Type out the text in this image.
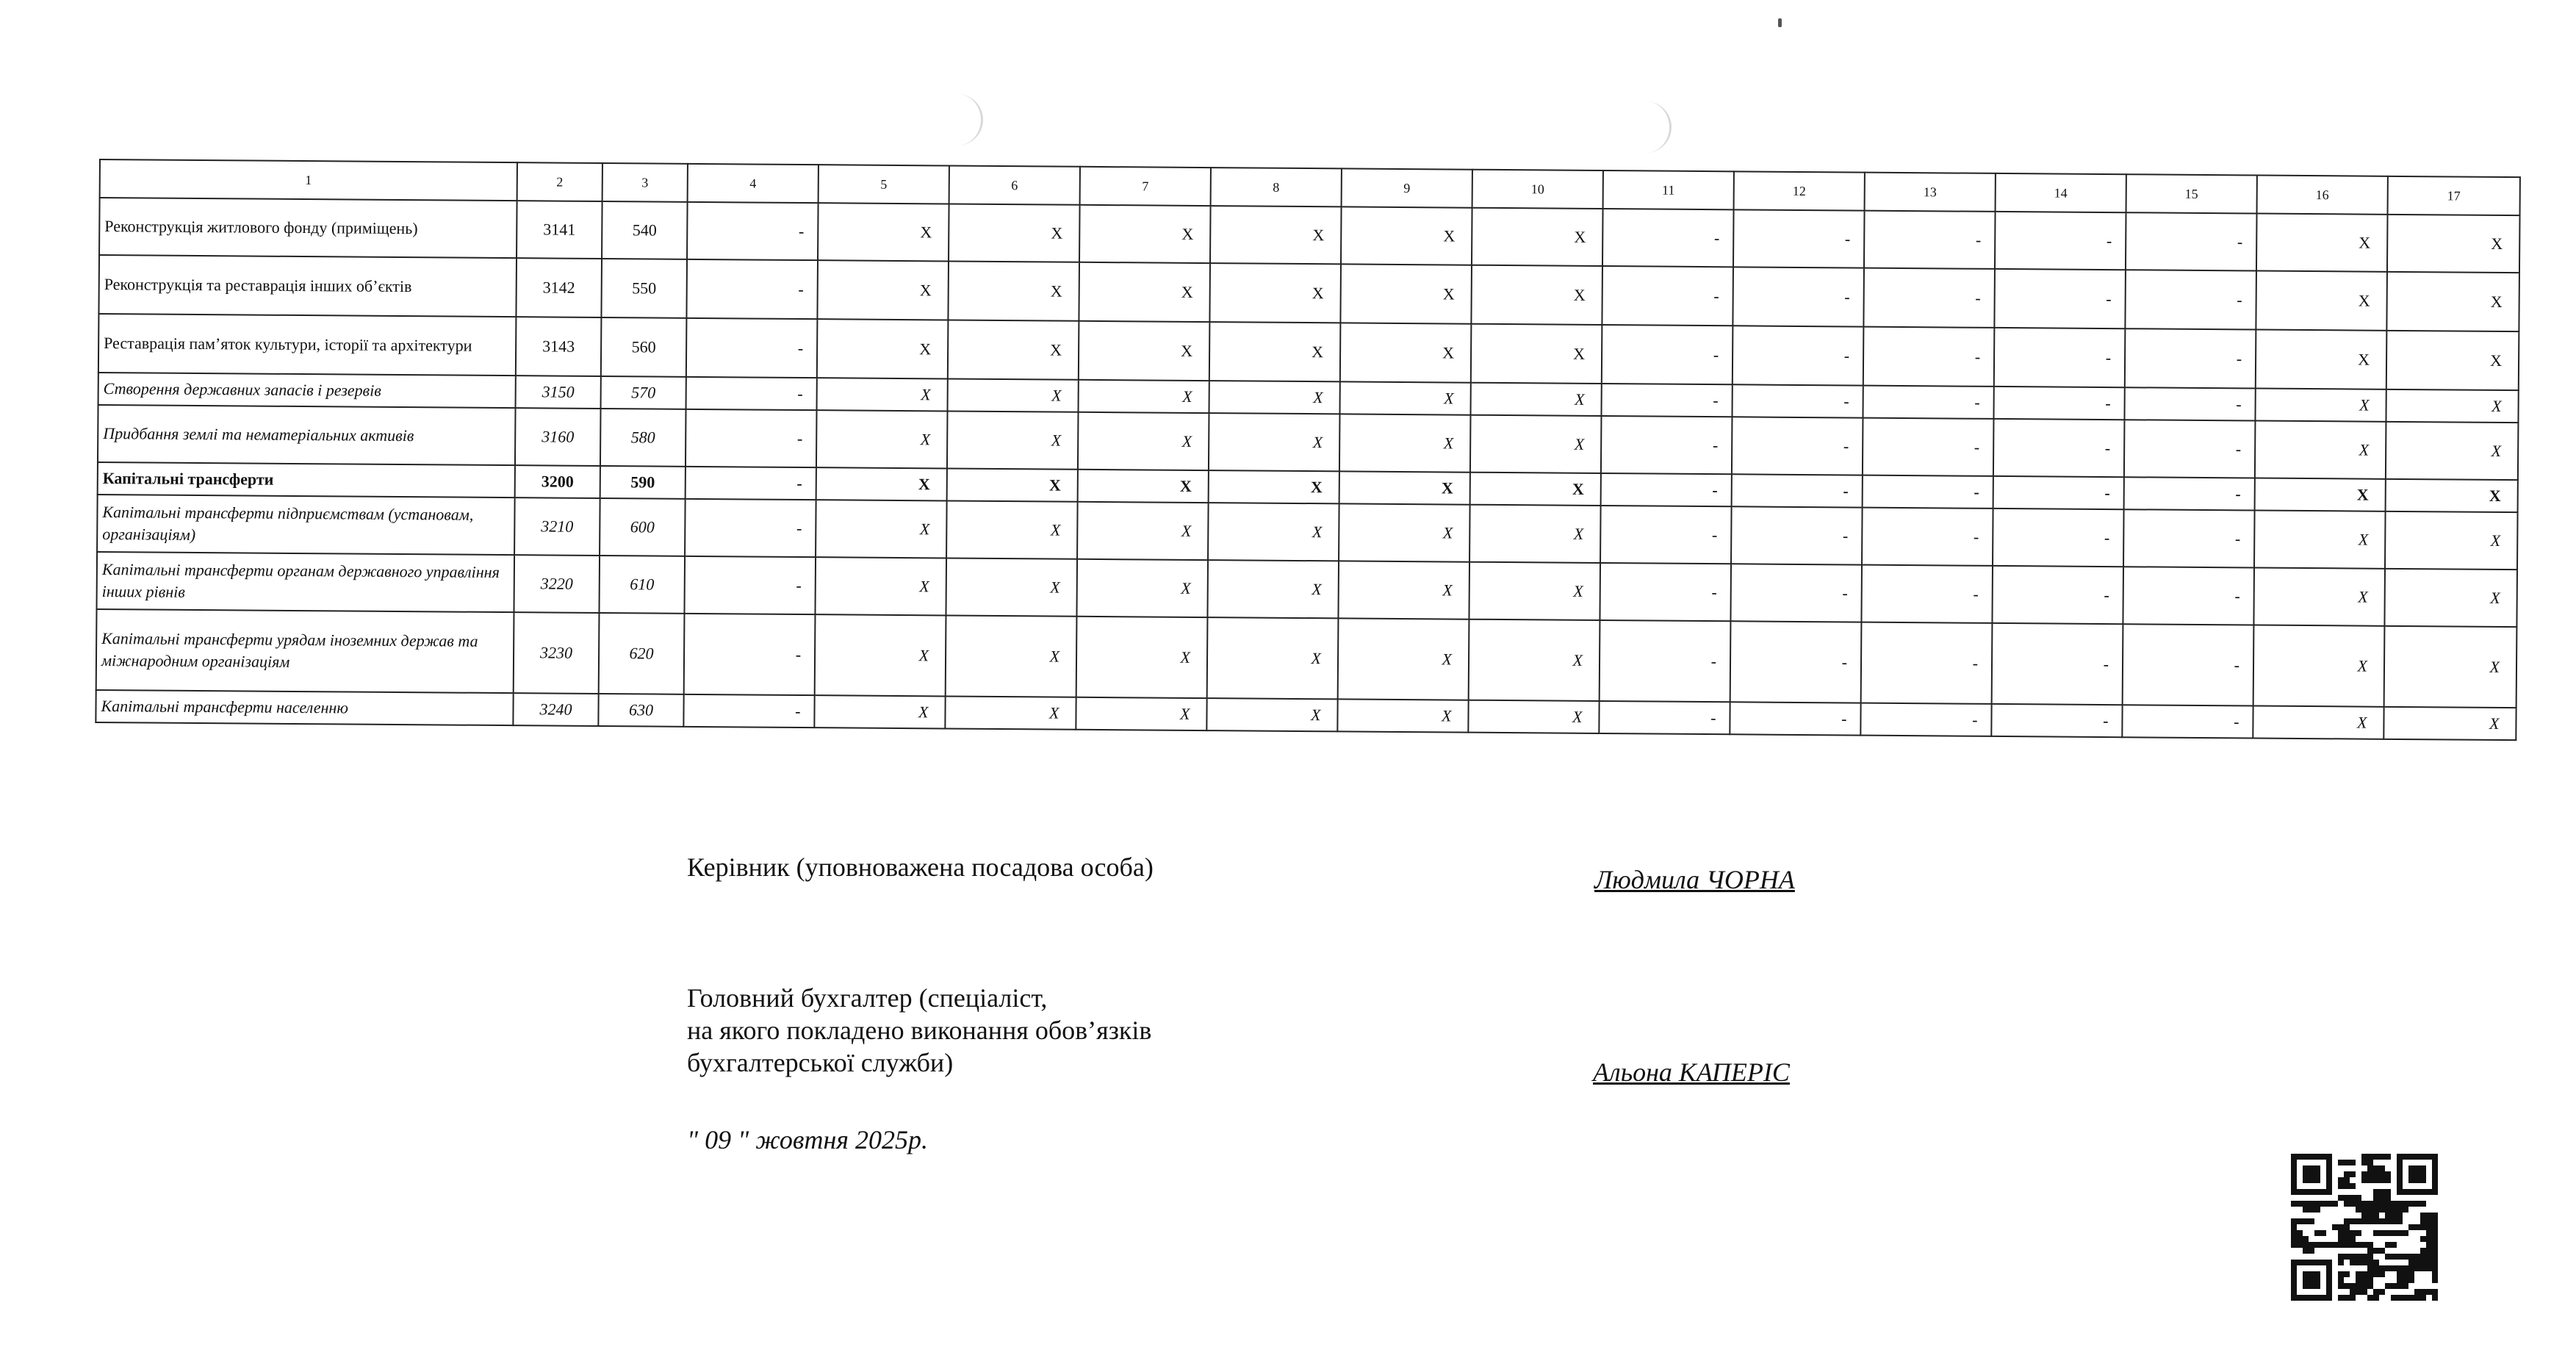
1	2	3	4	5	6	7	8	9	10	11	12	13	14	15	16	17
Реконструкція житлового фонду (приміщень)	3141	540	-	X	X	X	X	X	X	-	-	-	-	-	X	X
Реконструкція та реставрація інших об’єктів	3142	550	-	X	X	X	X	X	X	-	-	-	-	-	X	X
Реставрація пам’яток культури, історії та архітектури	3143	560	-	X	X	X	X	X	X	-	-	-	-	-	X	X
Створення державних запасів і резервів	3150	570	-	X	X	X	X	X	X	-	-	-	-	-	X	X
Придбання землі та нематеріальних активів	3160	580	-	X	X	X	X	X	X	-	-	-	-	-	X	X
Капітальні трансферти	3200	590	-	X	X	X	X	X	X	-	-	-	-	-	X	X
Капітальні трансферти підприємствам (установам, організаціям)	3210	600	-	X	X	X	X	X	X	-	-	-	-	-	X	X
Капітальні трансферти органам державного управління інших рівнів	3220	610	-	X	X	X	X	X	X	-	-	-	-	-	X	X
Капітальні трансферти урядам іноземних держав та міжнародним організаціям	3230	620	-	X	X	X	X	X	X	-	-	-	-	-	X	X
Капітальні трансферти населенню	3240	630	-	X	X	X	X	X	X	-	-	-	-	-	X	X
Керівник (уповноважена посадова особа)	Людмила ЧОРНА
Головний бухгалтер (спеціаліст,
на якого покладено виконання обов’язків
бухгалтерської служби)	Альона КАПЕРІС
" 09 " жовтня 2025р.
